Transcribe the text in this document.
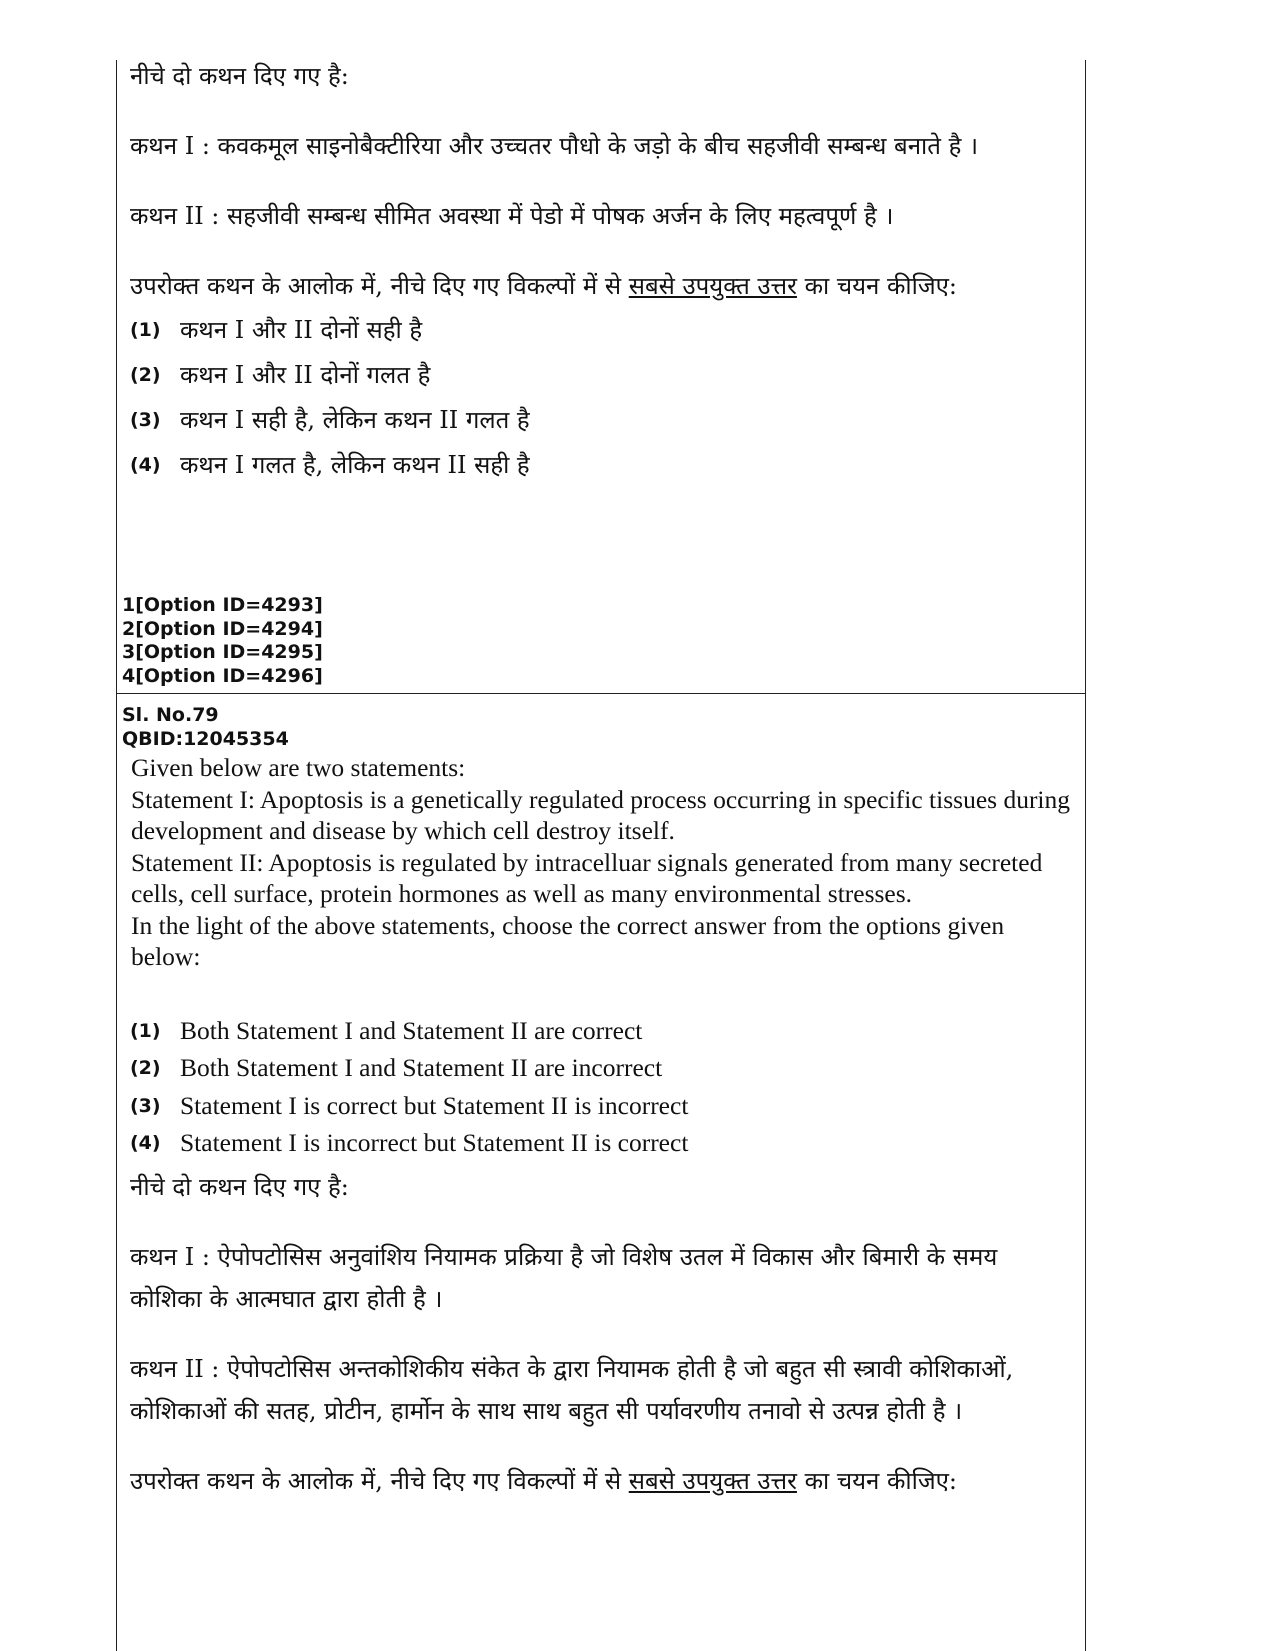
नीचे दो कथन दिए गए है:

कथन I : कवकमूल साइनोबैक्टीरिया और उच्चतर पौधो के जड़ो के बीच सहजीवी सम्बन्ध बनाते है ।

कथन II : सहजीवी सम्बन्ध सीमित अवस्था में पेडो में पोषक अर्जन के लिए महत्वपूर्ण है ।

उपरोक्त कथन के आलोक में, नीचे दिए गए विकल्पों में से सबसे उपयुक्त उत्तर का चयन कीजिए:

(1) कथन I और II दोनों सही है
(2) कथन I और II दोनों गलत है
(3) कथन I सही है, लेकिन कथन II गलत है
(4) कथन I गलत है, लेकिन कथन II सही है
1[Option ID=4293]
2[Option ID=4294]
3[Option ID=4295]
4[Option ID=4296]
Sl. No.79
QBID:12045354

Given below are two statements:

Statement I: Apoptosis is a genetically regulated process occurring in specific tissues during development and disease by which cell destroy itself.

Statement II: Apoptosis is regulated by intracelluar signals generated from many secreted cells, cell surface, protein hormones as well as many environmental stresses.

In the light of the above statements, choose the correct answer from the options given below:

(1) Both Statement I and Statement II are correct
(2) Both Statement I and Statement II are incorrect
(3) Statement I is correct but Statement II is incorrect
(4) Statement I is incorrect but Statement II is correct

नीचे दो कथन दिए गए है:

कथन I : ऐपोपटोसिस अनुवांशिय नियामक प्रक्रिया है जो विशेष उतल में विकास और बिमारी के समय कोशिका के आत्मघात द्वारा होती है ।

कथन II : ऐपोपटोसिस अन्तकोशिकीय संकेत के द्वारा नियामक होती है जो बहुत सी स्त्रावी कोशिकाओं, कोशिकाओं की सतह, प्रोटीन, हार्मोन के साथ साथ बहुत सी पर्यावरणीय तनावो से उत्पन्न होती है ।

उपरोक्त कथन के आलोक में, नीचे दिए गए विकल्पों में से सबसे उपयुक्त उत्तर का चयन कीजिए:
